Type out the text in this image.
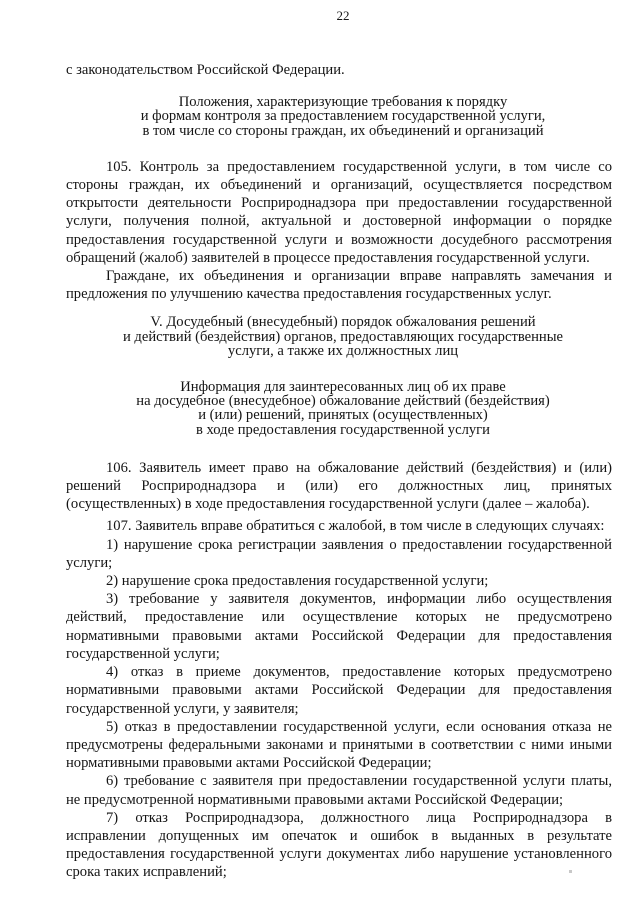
22

с законодательством Российской Федерации.

Положения, характеризующие требования к порядку
и формам контроля за предоставлением государственной услуги,
в том числе со стороны граждан, их объединений и организаций

105. Контроль за предоставлением государственной услуги, в том числе со стороны граждан, их объединений и организаций, осуществляется посредством открытости деятельности Росприроднадзора при предоставлении государственной услуги, получения полной, актуальной и достоверной информации о порядке предоставления государственной услуги и возможности досудебного рассмотрения обращений (жалоб) заявителей в процессе предоставления государственной услуги.

Граждане, их объединения и организации вправе направлять замечания и предложения по улучшению качества предоставления государственных услуг.

V. Досудебный (внесудебный) порядок обжалования решений
и действий (бездействия) органов, предоставляющих государственные
услуги, а также их должностных лиц
Информация для заинтересованных лиц об их праве
на досудебное (внесудебное) обжалование действий (бездействия)
и (или) решений, принятых (осуществленных)
в ходе предоставления государственной услуги

106. Заявитель имеет право на обжалование действий (бездействия) и (или) решений Росприроднадзора и (или) его должностных лиц, принятых (осуществленных) в ходе предоставления государственной услуги (далее – жалоба).

107. Заявитель вправе обратиться с жалобой, в том числе в следующих случаях:

1) нарушение срока регистрации заявления о предоставлении государственной услуги;

2) нарушение срока предоставления государственной услуги;

3) требование у заявителя документов, информации либо осуществления действий, предоставление или осуществление которых не предусмотрено нормативными правовыми актами Российской Федерации для предоставления государственной услуги;

4) отказ в приеме документов, предоставление которых предусмотрено нормативными правовыми актами Российской Федерации для предоставления государственной услуги, у заявителя;

5) отказ в предоставлении государственной услуги, если основания отказа не предусмотрены федеральными законами и принятыми в соответствии с ними иными нормативными правовыми актами Российской Федерации;

6) требование с заявителя при предоставлении государственной услуги платы, не предусмотренной нормативными правовыми актами Российской Федерации;

7) отказ Росприроднадзора, должностного лица Росприроднадзора в исправлении допущенных им опечаток и ошибок в выданных в результате предоставления государственной услуги документах либо нарушение установленного срока таких исправлений;
